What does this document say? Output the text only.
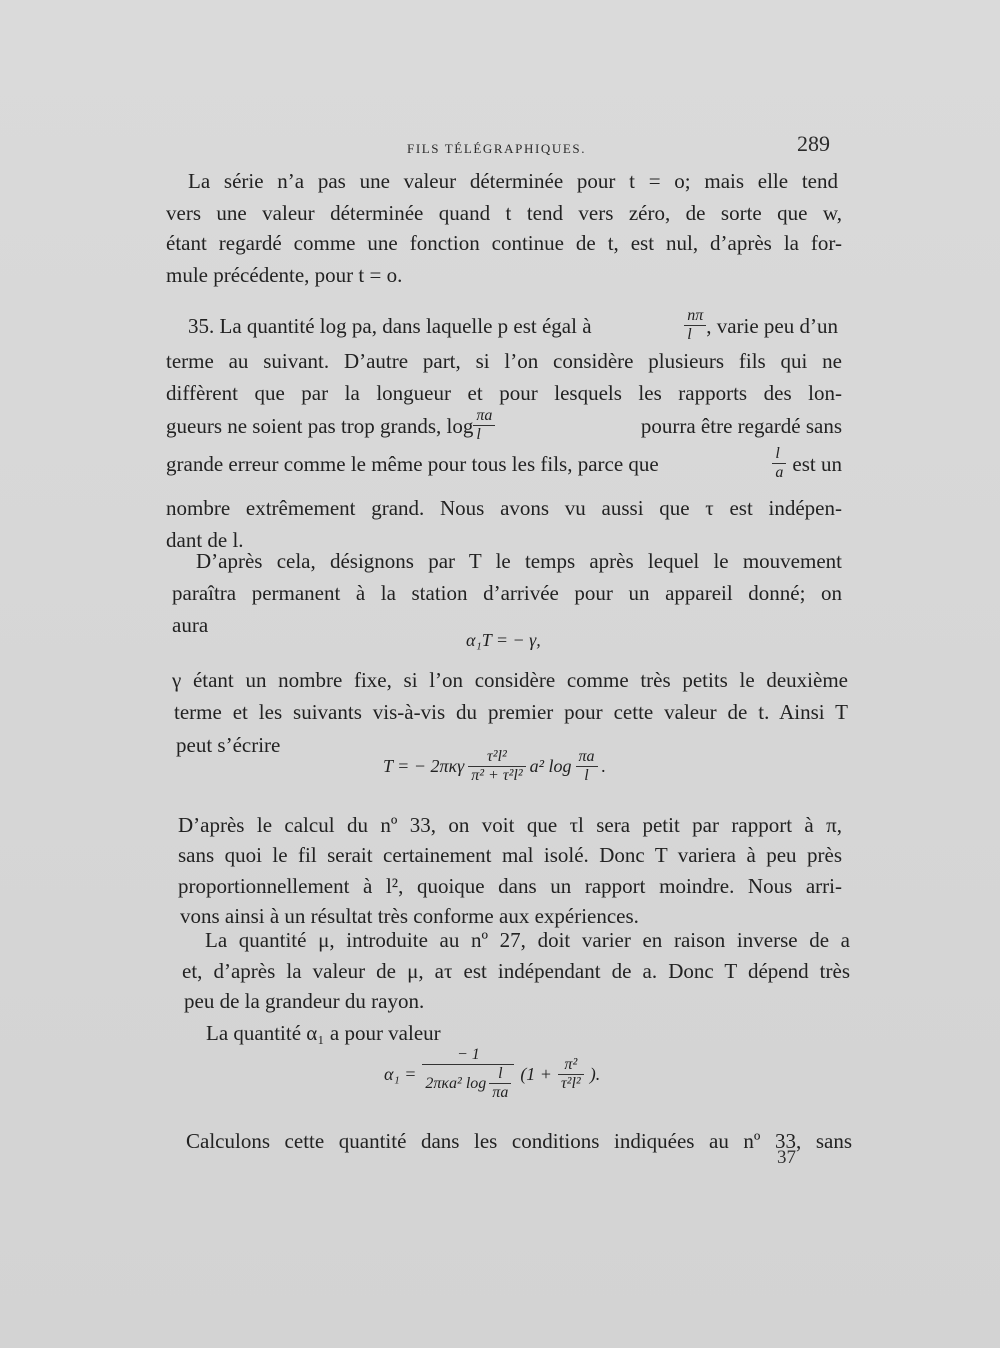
FILS TÉLÉGRAPHIQUES.	289
La série n’a pas une valeur déterminée pour t = o; mais elle tend
vers une valeur déterminée quand t tend vers zéro, de sorte que w,
étant regardé comme une fonction continue de t, est nul, d’après la for-
mule précédente, pour t = o.
35. La quantité log pa, dans laquelle p est égal à	$\frac{n\pi}{l}$ , varie peu d’un
terme au suivant. D’autre part, si l’on considère plusieurs fils qui ne
diffèrent que par la longueur et pour lesquels les rapports des lon-
gueurs ne soient pas trop grands, $\log \frac{\pi a}{l}$	pourra être regardé sans
grande erreur comme le même pour tous les fils, parce que	$\frac{l}{a}$ est un
nombre extrêmement grand. Nous avons vu aussi que τ est indépen-
dant de l.
D’après cela, désignons par T le temps après lequel le mouvement
paraîtra permanent à la station d’arrivée pour un appareil donné; on
aura
α₁T = − γ,
γ étant un nombre fixe, si l’on considère comme très petits le deuxième
terme et les suivants vis-à-vis du premier pour cette valeur de t. Ainsi T
peut s’écrire
T = − $2\pi\kappa\gamma \frac{\text{τ²l²}}{\text{π² + τ²l²}} a^2$ $\log \frac{\pi a}{l}$ .
D’après le calcul du nº 33, on voit que τl sera petit par rapport à π,
sans quoi le fil serait certainement mal isolé. Donc T variera à peu près
proportionnellement à l², quoique dans un rapport moindre. Nous arri-
vons ainsi à un résultat très conforme aux expériences.
La quantité μ, introduite au nº 27, doit varier en raison inverse de a
et, d’après la valeur de μ, aτ est indépendant de a. Donc T dépend très
peu de la grandeur du rayon.
La quantité α₁ a pour valeur
$\alpha_1 = \frac{- 1}{2\pi\kappa a^2 \log \frac{l}{\pi a}} (1 + \frac{\text{π²}}{\text{τ²l²}}$ ).
Calculons cette quantité dans les conditions indiquées au nº 33, sans
37
